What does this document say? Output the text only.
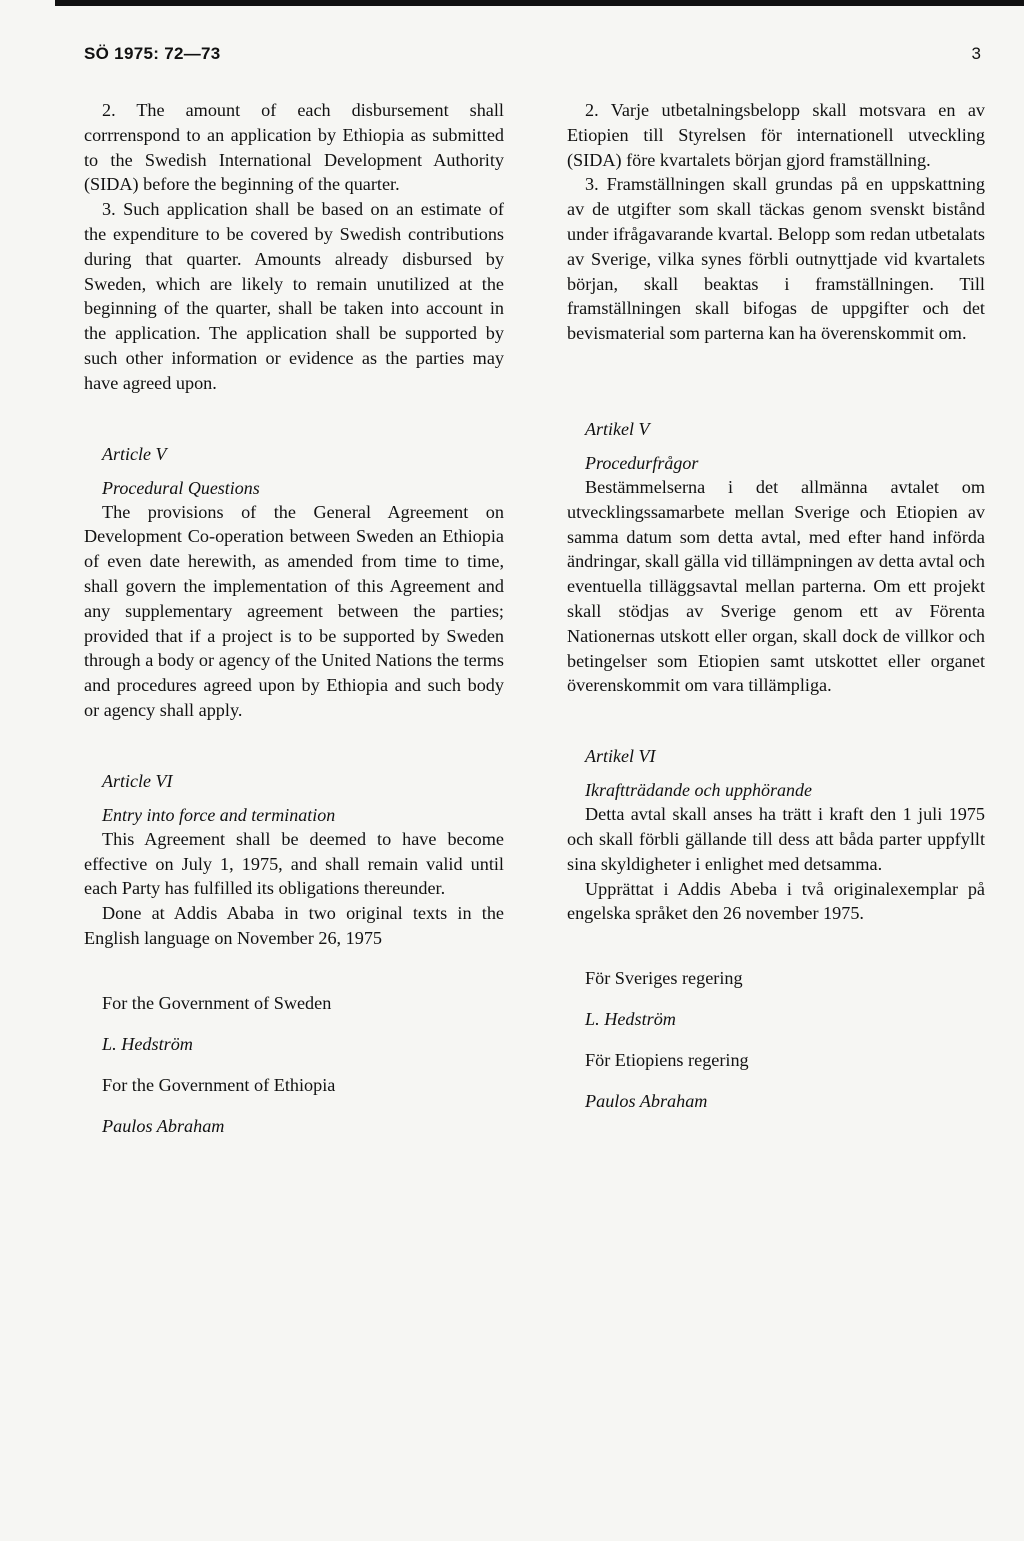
SÖ 1975: 72—73	3

2. The amount of each disbursement shall corrrenspond to an application by Ethiopia as submitted to the Swedish International Development Authority (SIDA) before the beginning of the quarter.

3. Such application shall be based on an estimate of the expenditure to be covered by Swedish contributions during that quarter. Amounts already disbursed by Sweden, which are likely to remain unutilized at the beginning of the quarter, shall be taken into account in the application. The application shall be supported by such other information or evidence as the parties may have agreed upon.

Article V

Procedural Questions

The provisions of the General Agreement on Development Co-operation between Sweden an Ethiopia of even date herewith, as amended from time to time, shall govern the implementation of this Agreement and any supplementary agreement between the parties; provided that if a project is to be supported by Sweden through a body or agency of the United Nations the terms and procedures agreed upon by Ethiopia and such body or agency shall apply.

Article VI

Entry into force and termination

This Agreement shall be deemed to have become effective on July 1, 1975, and shall remain valid until each Party has fulfilled its obligations thereunder.

Done at Addis Ababa in two original texts in the English language on November 26, 1975

For the Government of Sweden

L. Hedström

For the Government of Ethiopia

Paulos Abraham

2. Varje utbetalningsbelopp skall motsvara en av Etiopien till Styrelsen för internationell utveckling (SIDA) före kvartalets början gjord framställning.

3. Framställningen skall grundas på en uppskattning av de utgifter som skall täckas genom svenskt bistånd under ifrågavarande kvartal. Belopp som redan utbetalats av Sverige, vilka synes förbli outnyttjade vid kvartalets början, skall beaktas i framställningen. Till framställningen skall bifogas de uppgifter och det bevismaterial som parterna kan ha överenskommit om.

Artikel V

Procedurfrågor

Bestämmelserna i det allmänna avtalet om utvecklingssamarbete mellan Sverige och Etiopien av samma datum som detta avtal, med efter hand införda ändringar, skall gälla vid tillämpningen av detta avtal och eventuella tilläggsavtal mellan parterna. Om ett projekt skall stödjas av Sverige genom ett av Förenta Nationernas utskott eller organ, skall dock de villkor och betingelser som Etiopien samt utskottet eller organet överenskommit om vara tillämpliga.

Artikel VI

Ikraftträdande och upphörande

Detta avtal skall anses ha trätt i kraft den 1 juli 1975 och skall förbli gällande till dess att båda parter uppfyllt sina skyldigheter i enlighet med detsamma.

Upprättat i Addis Abeba i två originalexemplar på engelska språket den 26 november 1975.

För Sveriges regering

L. Hedström

För Etiopiens regering

Paulos Abraham
